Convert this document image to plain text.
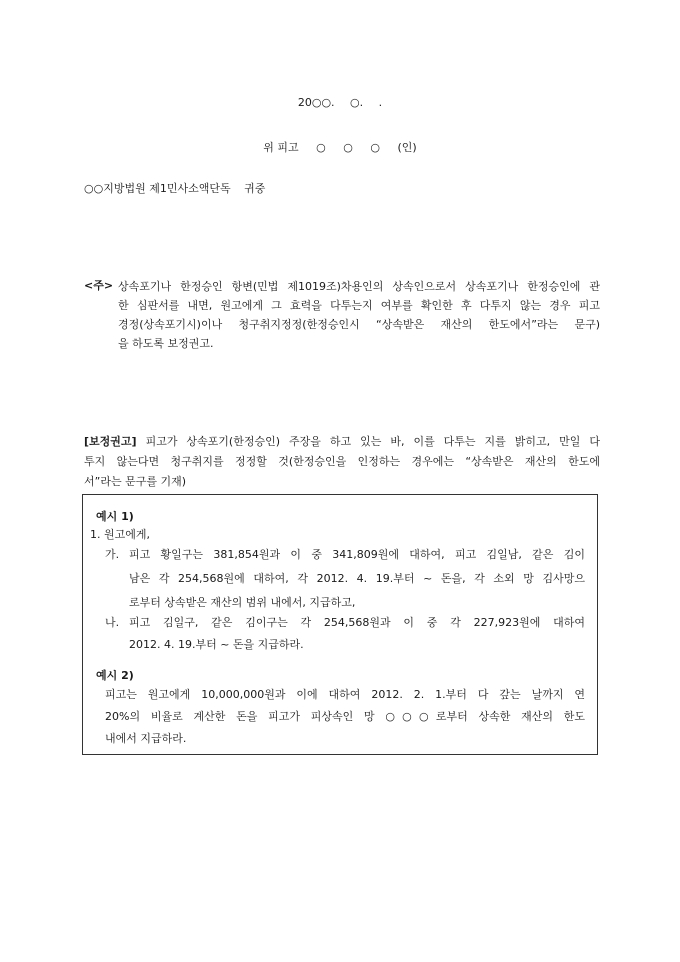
20○○. ○. .
위 피고 ○ ○ ○ (인)
○○지방법원 제1민사소액단독 귀중
<주> 상속포기나 한정승인 항변(민법 제1019조)차용인의 상속인으로서 상속포기나 한정승인에 관
한 심판서를 내면, 원고에게 그 효력을 다투는지 여부를 확인한 후 다투지 않는 경우 피고
경정(상속포기시)이나 청구취지정정(한정승인시 “상속받은 재산의 한도에서”라는 문구)
을 하도록 보정권고.
[보정권고] 피고가 상속포기(한정승인) 주장을 하고 있는 바, 이를 다투는 지를 밝히고, 만일 다
투지 않는다면 청구취지를 정정할 것(한정승인을 인정하는 경우에는 “상속받은 재산의 한도에
서”라는 문구를 기재)
예시 1)
1. 원고에게,
가. 피고 황일구는 381,854원과 이 중 341,809원에 대하여, 피고 김일남, 같은 김이
남은 각 254,568원에 대하여, 각 2012. 4. 19.부터 ~ 돈을, 각 소외 망 김사망으
로부터 상속받은 재산의 범위 내에서, 지급하고,
나. 피고 김일구, 같은 김이구는 각 254,568원과 이 중 각 227,923원에 대하여
2012. 4. 19.부터 ~ 돈을 지급하라.
예시 2)
피고는 원고에게 10,000,000원과 이에 대하여 2012. 2. 1.부터 다 갚는 날까지 연
20%의 비율로 계산한 돈을 피고가 피상속인 망 ○○○로부터 상속한 재산의 한도
내에서 지급하라.
